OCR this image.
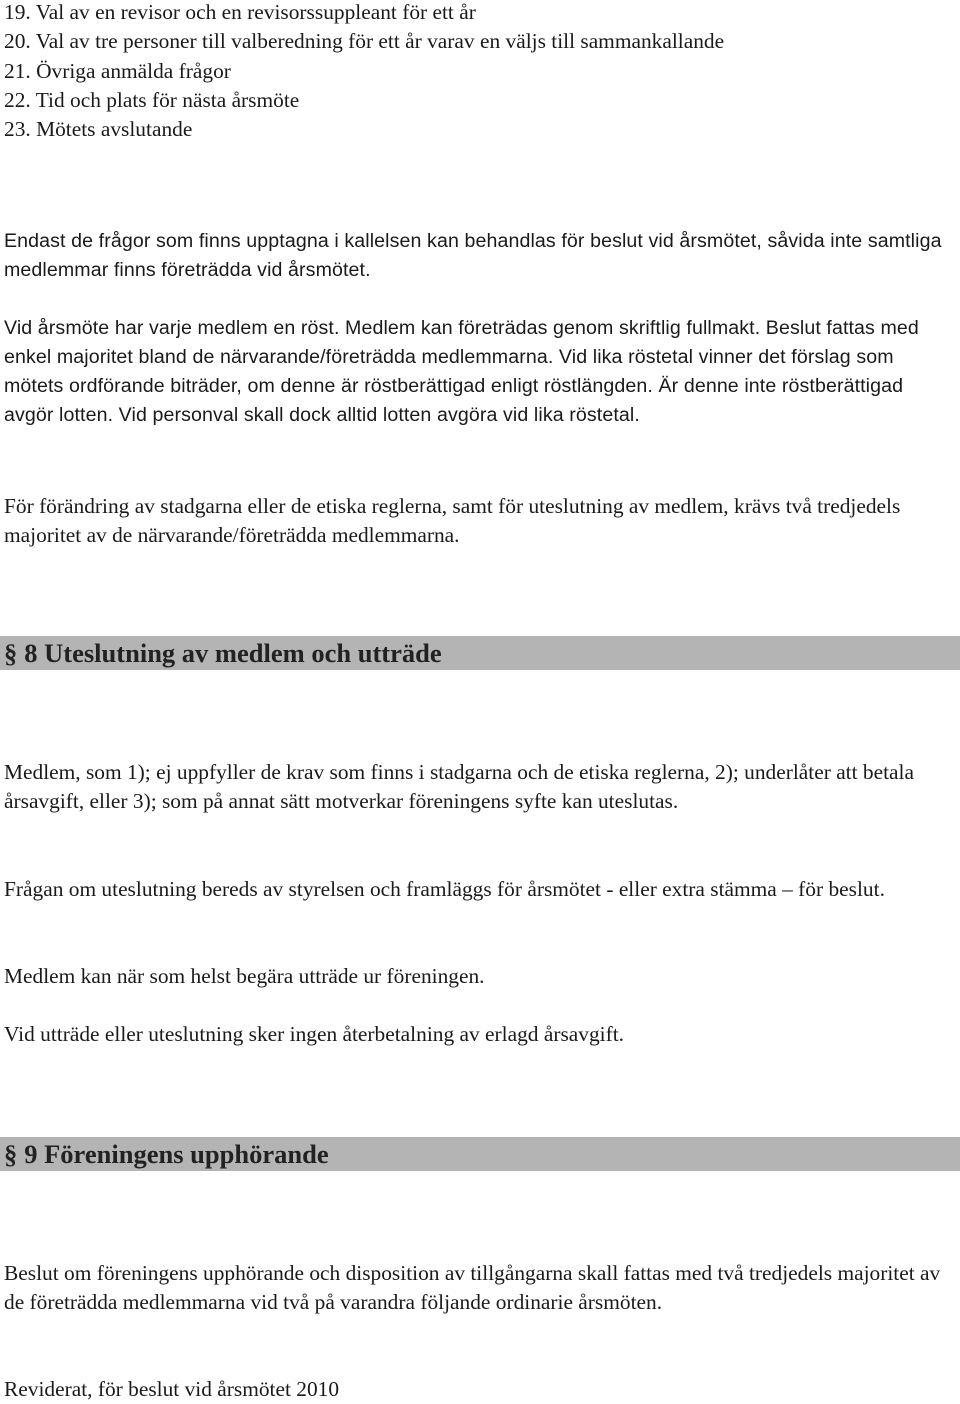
19. Val av en revisor och en revisorssuppleant för ett år
20. Val av tre personer till valberedning för ett år varav en väljs till sammankallande
21. Övriga anmälda frågor
22. Tid och plats för nästa årsmöte
23. Mötets avslutande

Endast de frågor som finns upptagna i kallelsen kan behandlas för beslut vid årsmötet, såvida inte samtliga medlemmar finns företrädda vid årsmötet.

Vid årsmöte har varje medlem en röst. Medlem kan företrädas genom skriftlig fullmakt. Beslut fattas med enkel majoritet bland de närvarande/företrädda medlemmarna. Vid lika röstetal vinner det förslag som mötets ordförande biträder, om denne är röstberättigad enligt röstlängden. Är denne inte röstberättigad avgör lotten. Vid personval skall dock alltid lotten avgöra vid lika röstetal.

För förändring av stadgarna eller de etiska reglerna, samt för uteslutning av medlem, krävs två tredjedels majoritet av de närvarande/företrädda medlemmarna.

§ 8 Uteslutning av medlem och utträde

Medlem, som 1); ej uppfyller de krav som finns i stadgarna och de etiska reglerna, 2); underlåter att betala årsavgift, eller 3); som på annat sätt motverkar föreningens syfte kan uteslutas.

Frågan om uteslutning bereds av styrelsen och framläggs för årsmötet - eller extra stämma – för beslut.

Medlem kan när som helst begära utträde ur föreningen.

Vid utträde eller uteslutning sker ingen återbetalning av erlagd årsavgift.

§ 9 Föreningens upphörande

Beslut om föreningens upphörande och disposition av tillgångarna skall fattas med två tredjedels majoritet av de företrädda medlemmarna vid två på varandra följande ordinarie årsmöten.

Reviderat, för beslut vid årsmötet 2010
